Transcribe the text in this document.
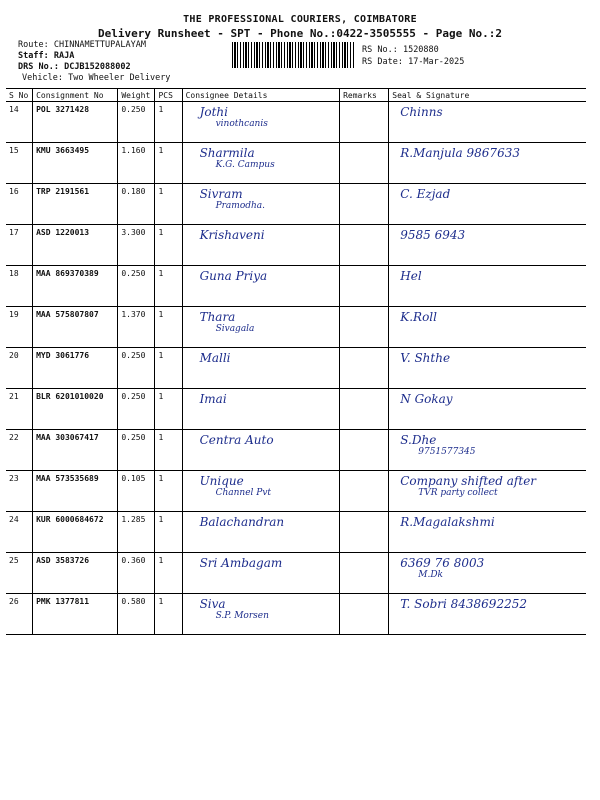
THE PROFESSIONAL COURIERS, COIMBATORE
Delivery Runsheet - SPT - Phone No.:0422-3505555 - Page No.:2
Route: CHINNAMETTUPALAYAM
Staff: RAJA
DRS No.: DCJB152088002
Vehicle: Two Wheeler Delivery
RS No.: 1520880
RS Date: 17-Mar-2025
S No	Consignment No	Weight	PCS	Consignee Details	Remarks	Seal & Signature
14	POL 3271428	0.250	1	Jothi
vinothcanis		Chinns

15	KMU 3663495	1.160	1	Sharmila
K.G. Campus		R.Manjula 9867633

16	TRP 2191561	0.180	1	Sivram
Pramodha.		C. Ezjad

17	ASD 1220013	3.300	1	Krishaveni		9585 6943

18	MAA 869370389	0.250	1	Guna Priya		Hel

19	MAA 575807807	1.370	1	Thara
Sivagala		K.Roll

20	MYD 3061776	0.250	1	Malli		V. Shthe

21	BLR 6201010020	0.250	1	Imai		N Gokay

22	MAA 303067417	0.250	1	Centra Auto		S.Dhe
9751577345

23	MAA 573535689	0.105	1	Unique
Channel Pvt		Company shifted after
TVR party collect

24	KUR 6000684672	1.285	1	Balachandran		R.Magalakshmi

25	ASD 3583726	0.360	1	Sri Ambagam		6369 76 8003
M.Dk

26	PMK 1377811	0.580	1	Siva
S.P. Morsen		T. Sobri 8438692252
